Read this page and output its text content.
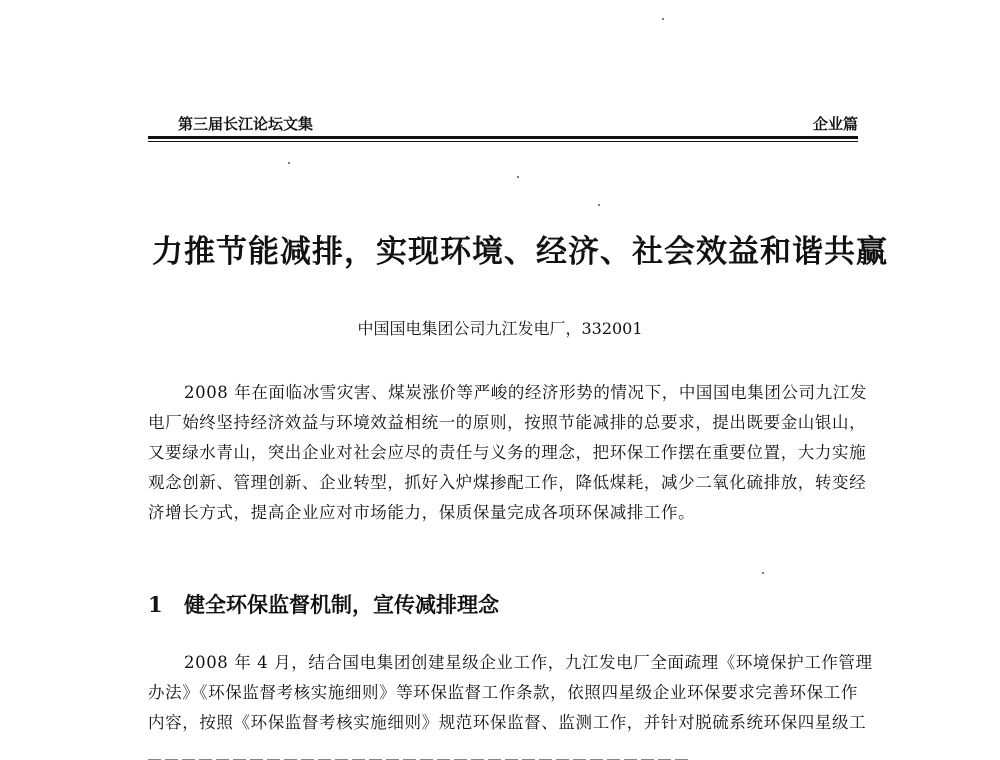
第三届长江论坛文集	企业篇
力推节能减排，实现环境、经济、社会效益和谐共赢
中国国电集团公司九江发电厂，332001
2008 年在面临冰雪灾害、煤炭涨价等严峻的经济形势的情况下，中国国电集团公司九江发
电厂始终坚持经济效益与环境效益相统一的原则，按照节能减排的总要求，提出既要金山银山，
又要绿水青山，突出企业对社会应尽的责任与义务的理念，把环保工作摆在重要位置，大力实施
观念创新、管理创新、企业转型，抓好入炉煤掺配工作，降低煤耗，减少二氧化硫排放，转变经
济增长方式，提高企业应对市场能力，保质保量完成各项环保减排工作。
1 健全环保监督机制，宣传减排理念
2008 年 4 月，结合国电集团创建星级企业工作，九江发电厂全面疏理《环境保护工作管理
办法》《环保监督考核实施细则》等环保监督工作条款，依照四星级企业环保要求完善环保工作
内容，按照《环保监督考核实施细则》规范环保监督、监测工作，并针对脱硫系统环保四星级工
